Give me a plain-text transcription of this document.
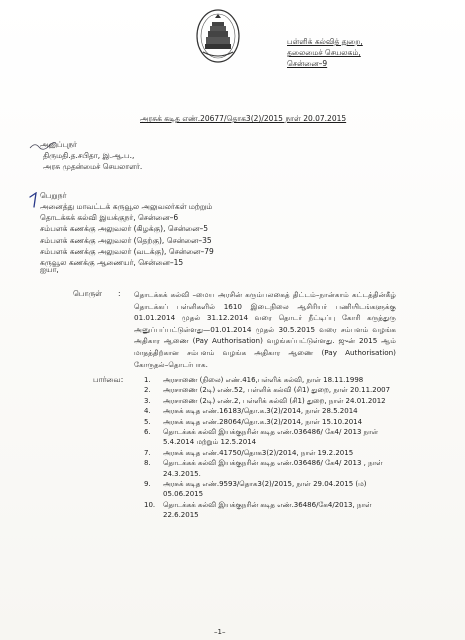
பள்ளிக் கல்வித் துறை,
தலைமைச் செயலகம்,
சென்னை–9
அரசுக் கடித எண்.20677/தொக3(2)/2015 நாள் 20.07.2015
அனுப்புநர்
திருமதி.த.சபிதா, இ.ஆ.ப.,
அரசு முதன்மைச் செயலாளர்.
பெறுநர்
அனைத்து மாவட்டக் கருவூல அலுவலர்கள் மற்றும்
தொடக்கக் கல்வி இயக்குநர், சென்னை–6
சம்பளக் கணக்கு அலுவலர் (கிழக்கு), சென்னை–5
சம்பளக் கணக்கு அலுவலர் (தெற்கு), சென்னை–35
சம்பளக் கணக்கு அலுவலர் (வடக்கு), சென்னை–79
கருவூல கணக்கு ஆணையர், சென்னை–15
ஐயா,
பொருள் : தொடக்கக் கல்வி –மைய அரசின் கரும்பலகைத் திட்டம்–நான்காம் கட்டத்தின்கீழ் தொடக்கப் பள்ளிகளில் 1610 இடைநிலை ஆசிரியர் பணியிடங்களுக்கு 01.01.2014 முதல் 31.12.2014 வரை தொடர் நீட்டிப்பு கோரி கருத்துரு அனுப்பப்பட்டுள்ளது—01.01.2014 முதல் 30.5.2015 வரை சம்பளம் வழங்க அதிகார ஆணை (Pay Authorisation) வழங்கப்பட்டுள்ளது. ஜுன் 2015 ஆம் மாதத்திற்கான சம்பளம் வழங்க அதிகார ஆணை (Pay Authorisation) கோருதல்–தொடர்பாக.
பார்வை:	1. அரசாணை (நிலை) எண்.416,பள்ளிக் கல்வி, நாள் 18.11.1998
2. அரசாணை (2டி) எண்.52, பள்ளிக் கல்வி (சி1) துறை, நாள் 20.11.2007
3. அரசாணை (2டி) எண்.2, பள்ளிக் கல்வி (சி1) துறை, நாள் 24.01.2012
4. அரசுக் கடித எண்.16183/தொ.க.3(2)/2014, நாள் 28.5.2014
5. அரசுக் கடித எண்.28064/தொ.க.3(2)/2014, நாள் 15.10.2014
6. தொடக்கக் கல்வி இயக்குநரின் கடித எண்.036486/ கே4/ 2013 நாள் 5.4.2014 மற்றும் 12.5.2014
7. அரசுக் கடித எண்.41750/தொக3(2)/2014, நாள் 19.2.2015
8. தொடக்கக் கல்வி இயக்குநரின் கடித எண்.036486/ கே4/ 2013 , நாள் 24.3.2015.
9. அரசுக் கடித எண்.9593/தொக3(2)/2015, நாள் 29.04.2015 (ம) 05.06.2015
10. தொடக்கக் கல்வி இயக்குநரின் கடித எண்.36486/கே4/2013, நாள் 22.6.2015
–1–
